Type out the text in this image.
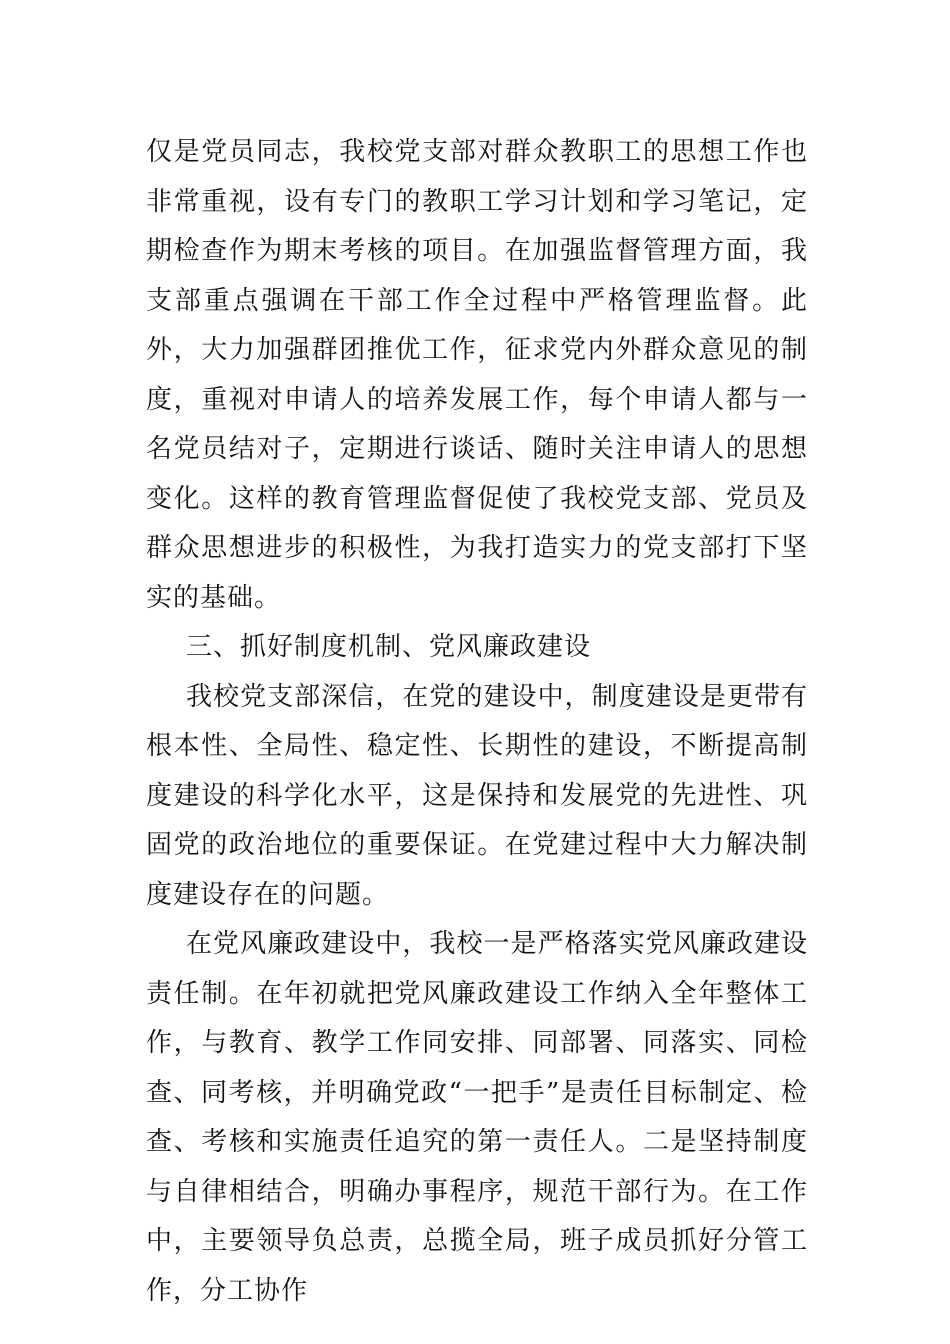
仅是党员同志，我校党支部对群众教职工的思想工作也非常重视，设有专门的教职工学习计划和学习笔记，定期检查作为期末考核的项目。在加强监督管理方面，我支部重点强调在干部工作全过程中严格管理监督。此外，大力加强群团推优工作，征求党内外群众意见的制度，重视对申请人的培养发展工作，每个申请人都与一名党员结对子，定期进行谈话、随时关注申请人的思想变化。这样的教育管理监督促使了我校党支部、党员及群众思想进步的积极性，为我打造实力的党支部打下坚实的基础。

三、抓好制度机制、党风廉政建设

我校党支部深信，在党的建设中，制度建设是更带有根本性、全局性、稳定性、长期性的建设，不断提高制度建设的科学化水平，这是保持和发展党的先进性、巩固党的政治地位的重要保证。在党建过程中大力解决制度建设存在的问题。

在党风廉政建设中，我校一是严格落实党风廉政建设责任制。在年初就把党风廉政建设工作纳入全年整体工作，与教育、教学工作同安排、同部署、同落实、同检查、同考核，并明确党政“一把手”是责任目标制定、检查、考核和实施责任追究的第一责任人。二是坚持制度与自律相结合，明确办事程序，规范干部行为。在工作中，主要领导负总责，总揽全局，班子成员抓好分管工作，分工协作
